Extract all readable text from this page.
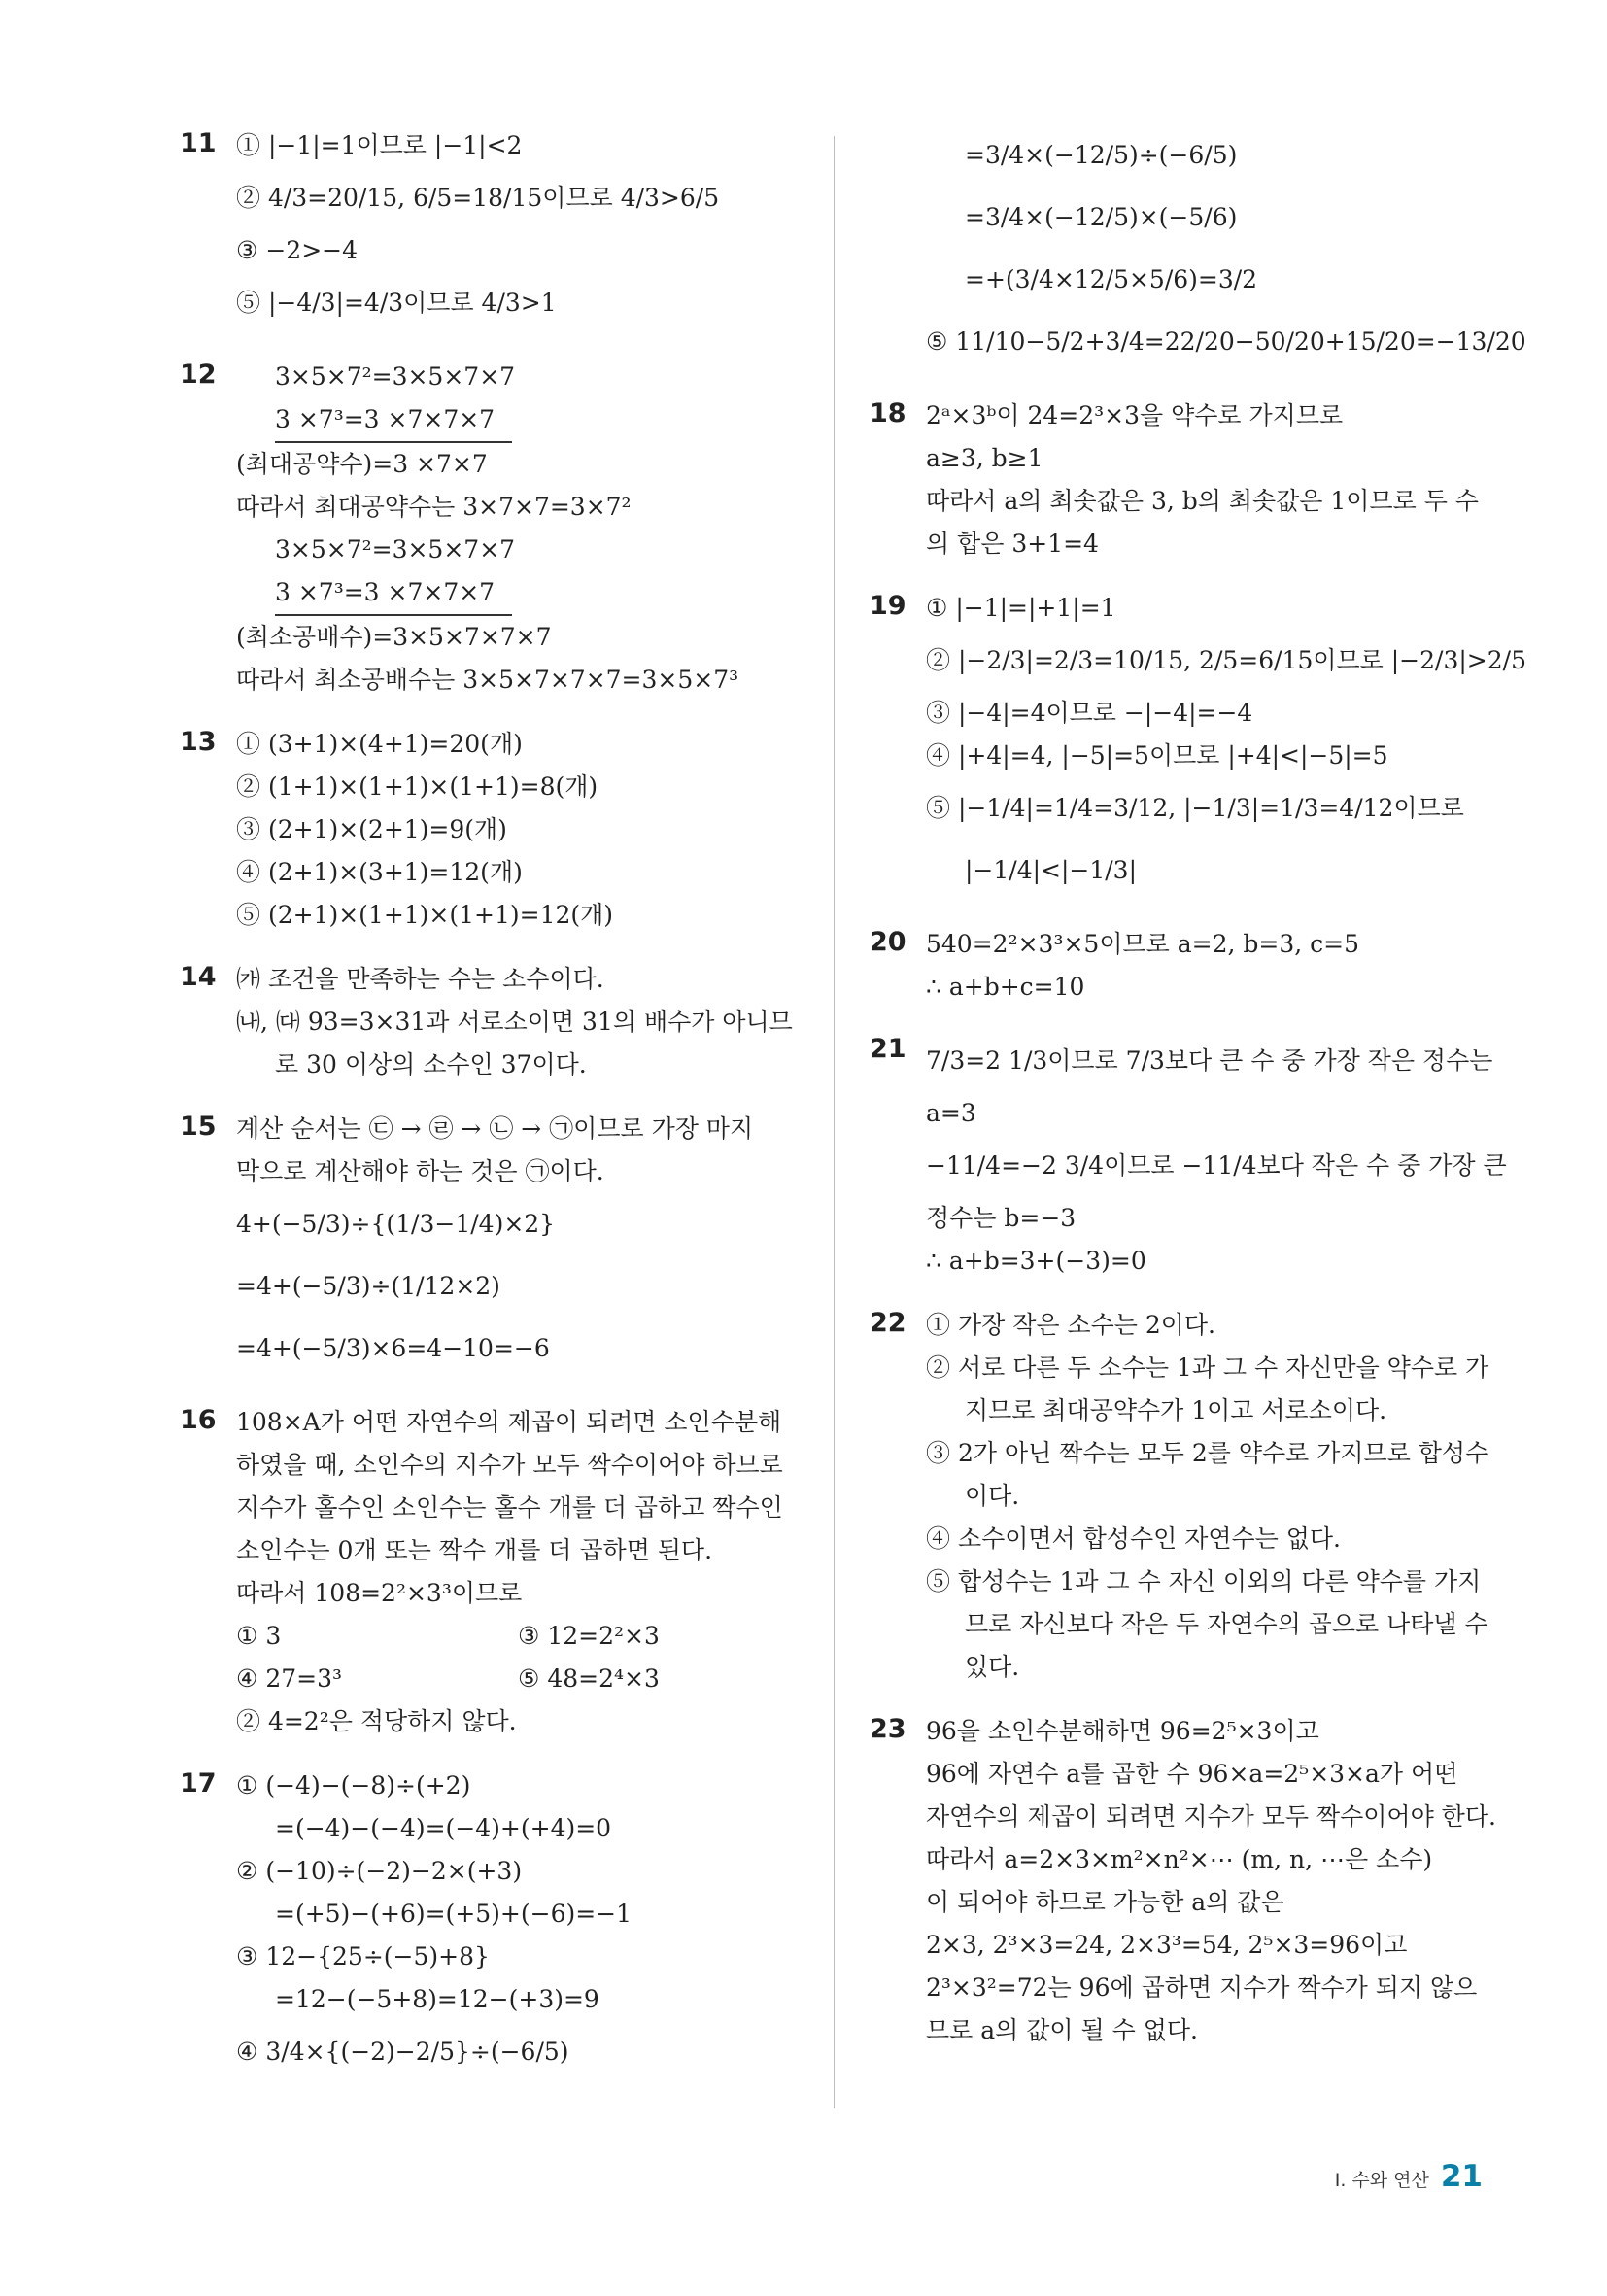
11 ① |−1|=1이므로 |−1|<2
② 4/3=20/15, 6/5=18/15이므로 4/3>6/5
③ −2>−4
⑤ |−4/3|=4/3이므로 4/3>1
12	3×5×7²=3×5×7×7
3 ×7³=3 ×7×7×7
(최대공약수)=3 ×7×7
따라서 최대공약수는 3×7×7=3×7²
3×5×7²=3×5×7×7
3 ×7³=3 ×7×7×7
(최소공배수)=3×5×7×7×7
따라서 최소공배수는 3×5×7×7×7=3×5×7³
13 ① (3+1)×(4+1)=20(개)
② (1+1)×(1+1)×(1+1)=8(개)
③ (2+1)×(2+1)=9(개)
④ (2+1)×(3+1)=12(개)
⑤ (2+1)×(1+1)×(1+1)=12(개)
14 ㈎ 조건을 만족하는 수는 소수이다.
㈏, ㈐ 93=3×31과 서로소이면 31의 배수가 아니므
로 30 이상의 소수인 37이다.
15 계산 순서는 ㉢ → ㉣ → ㉡ → ㉠이므로 가장 마지
막으로 계산해야 하는 것은 ㉠이다.
4+(−5/3)÷{(1/3−1/4)×2}
=4+(−5/3)÷(1/12×2)
=4+(−5/3)×6=4−10=−6
16 108×A가 어떤 자연수의 제곱이 되려면 소인수분해
하였을 때, 소인수의 지수가 모두 짝수이어야 하므로
지수가 홀수인 소인수는 홀수 개를 더 곱하고 짝수인
소인수는 0개 또는 짝수 개를 더 곱하면 된다.
따라서 108=2²×3³이므로
① 3	③ 12=2²×3
④ 27=3³	⑤ 48=2⁴×3
② 4=2²은 적당하지 않다.
17 ① (−4)−(−8)÷(+2)
=(−4)−(−4)=(−4)+(+4)=0
② (−10)÷(−2)−2×(+3)
=(+5)−(+6)=(+5)+(−6)=−1
③ 12−{25÷(−5)+8}
=12−(−5+8)=12−(+3)=9
④ 3/4×{(−2)−2/5}÷(−6/5)
=3/4×(−12/5)÷(−6/5)
=3/4×(−12/5)×(−5/6)
=+(3/4×12/5×5/6)=3/2
⑤ 11/10−5/2+3/4=22/20−50/20+15/20=−13/20
18 2ᵃ×3ᵇ이 24=2³×3을 약수로 가지므로
a≥3, b≥1
따라서 a의 최솟값은 3, b의 최솟값은 1이므로 두 수
의 합은 3+1=4
19 ① |−1|=|+1|=1
② |−2/3|=2/3=10/15, 2/5=6/15이므로 |−2/3|>2/5
③ |−4|=4이므로 −|−4|=−4
④ |+4|=4, |−5|=5이므로 |+4|<|−5|=5
⑤ |−1/4|=1/4=3/12, |−1/3|=1/3=4/12이므로
|−1/4|<|−1/3|
20 540=2²×3³×5이므로 a=2, b=3, c=5
∴ a+b+c=10
21 7/3=2 1/3이므로 7/3보다 큰 수 중 가장 작은 정수는
a=3
−11/4=−2 3/4이므로 −11/4보다 작은 수 중 가장 큰
정수는 b=−3
∴ a+b=3+(−3)=0
22 ① 가장 작은 소수는 2이다.
② 서로 다른 두 소수는 1과 그 수 자신만을 약수로 가
지므로 최대공약수가 1이고 서로소이다.
③ 2가 아닌 짝수는 모두 2를 약수로 가지므로 합성수
이다.
④ 소수이면서 합성수인 자연수는 없다.
⑤ 합성수는 1과 그 수 자신 이외의 다른 약수를 가지
므로 자신보다 작은 두 자연수의 곱으로 나타낼 수
있다.
23 96을 소인수분해하면 96=2⁵×3이고
96에 자연수 a를 곱한 수 96×a=2⁵×3×a가 어떤
자연수의 제곱이 되려면 지수가 모두 짝수이어야 한다.
따라서 a=2×3×m²×n²×⋯ (m, n, ⋯은 소수)
이 되어야 하므로 가능한 a의 값은
2×3, 2³×3=24, 2×3³=54, 2⁵×3=96이고
2³×3²=72는 96에 곱하면 지수가 짝수가 되지 않으
므로 a의 값이 될 수 없다.
Ⅰ. 수와 연산 21
